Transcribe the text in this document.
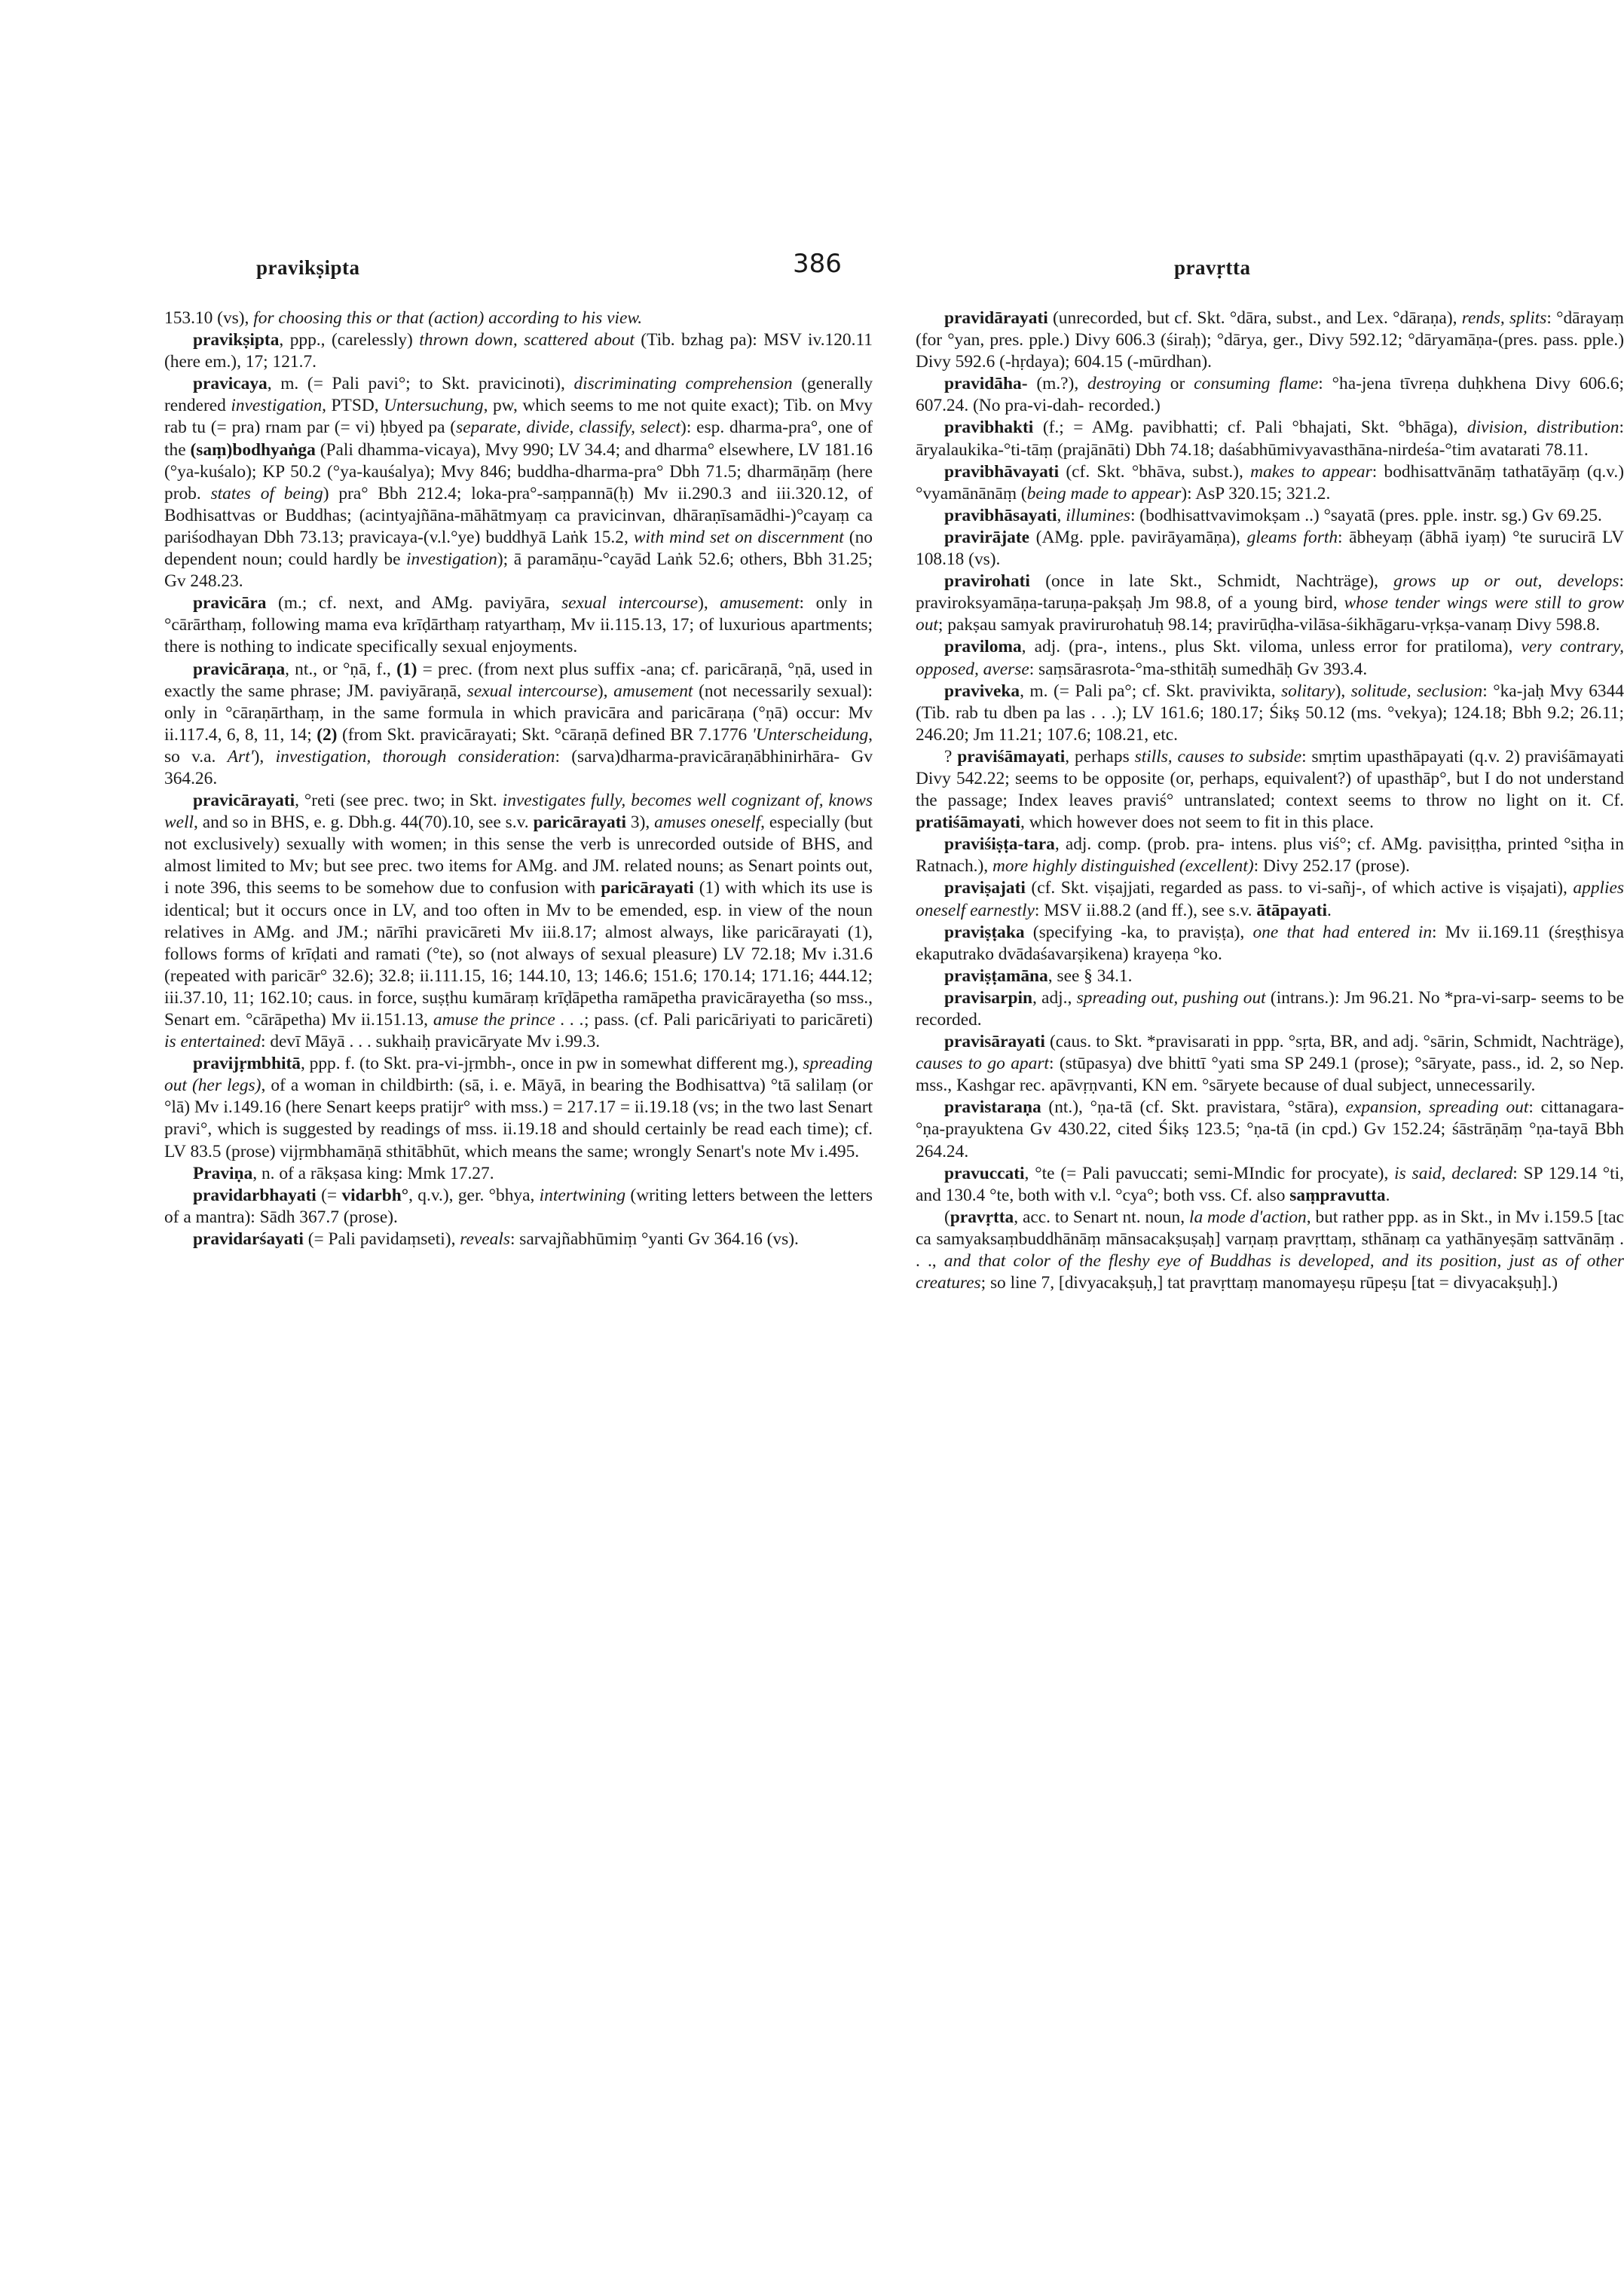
pravikṣipta	386	pravṛtta

153.10 (vs), for choosing this or that (action) according to his view.

pravikṣipta, ppp., (carelessly) thrown down, scattered about (Tib. bzhag pa): MSV iv.120.11 (here em.), 17; 121.7.

pravicaya, m. (= Pali pavi°; to Skt. pravicinoti), discriminating comprehension (generally rendered investigation, PTSD, Untersuchung, pw, which seems to me not quite exact); Tib. on Mvy rab tu (= pra) rnam par (= vi) ḥbyed pa (separate, divide, classify, select): esp. dharma-pra°, one of the (saṃ)bodhyaṅga (Pali dhamma-vicaya), Mvy 990; LV 34.4; and dharma° elsewhere, LV 181.16 (°ya-kuśalo); KP 50.2 (°ya-kauśalya); Mvy 846; buddha-dharma-pra° Dbh 71.5; dharmāṇāṃ (here prob. states of being) pra° Bbh 212.4; loka-pra°-saṃpannā(ḥ) Mv ii.290.3 and iii.320.12, of Bodhisattvas or Buddhas; (acintyajñāna-māhātmyaṃ ca pravicinvan, dhāraṇīsamādhi-)°cayaṃ ca pariśodhayan Dbh 73.13; pravicaya-(v.l.°ye) buddhyā Laṅk 15.2, with mind set on discernment (no dependent noun; could hardly be investigation); ā paramāṇu-°cayād Laṅk 52.6; others, Bbh 31.25; Gv 248.23.

pravicāra (m.; cf. next, and AMg. paviyāra, sexual intercourse), amusement: only in °cārārthaṃ, following mama eva krīḍārthaṃ ratyarthaṃ, Mv ii.115.13, 17; of luxurious apartments; there is nothing to indicate specifically sexual enjoyments.

pravicāraṇa, nt., or °ṇā, f., (1) = prec. (from next plus suffix -ana; cf. paricāraṇā, °ṇā, used in exactly the same phrase; JM. paviyāraṇā, sexual intercourse), amusement (not necessarily sexual): only in °cāraṇārthaṃ, in the same formula in which pravicāra and paricāraṇa (°ṇā) occur: Mv ii.117.4, 6, 8, 11, 14; (2) (from Skt. pravicārayati; Skt. °cāraṇā defined BR 7.1776 'Unterscheidung, so v.a. Art'), investigation, thorough consideration: (sarva)dharma-pravicāraṇābhinirhāra- Gv 364.26.

pravicārayati, °reti (see prec. two; in Skt. investigates fully, becomes well cognizant of, knows well, and so in BHS, e. g. Dbh.g. 44(70).10, see s.v. paricārayati 3), amuses oneself, especially (but not exclusively) sexually with women; in this sense the verb is unrecorded outside of BHS, and almost limited to Mv; but see prec. two items for AMg. and JM. related nouns; as Senart points out, i note 396, this seems to be somehow due to confusion with paricārayati (1) with which its use is identical; but it occurs once in LV, and too often in Mv to be emended, esp. in view of the noun relatives in AMg. and JM.; nārīhi pravicāreti Mv iii.8.17; almost always, like paricārayati (1), follows forms of krīḍati and ramati (°te), so (not always of sexual pleasure) LV 72.18; Mv i.31.6 (repeated with paricār° 32.6); 32.8; ii.111.15, 16; 144.10, 13; 146.6; 151.6; 170.14; 171.16; 444.12; iii.37.10, 11; 162.10; caus. in force, suṣṭhu kumāraṃ krīḍāpetha ramāpetha pravicārayetha (so mss., Senart em. °cārāpetha) Mv ii.151.13, amuse the prince . . .; pass. (cf. Pali paricāriyati to paricāreti) is entertained: devī Māyā . . . sukhaiḥ pravicāryate Mv i.99.3.

pravijṛmbhitā, ppp. f. (to Skt. pra-vi-jṛmbh-, once in pw in somewhat different mg.), spreading out (her legs), of a woman in childbirth: (sā, i. e. Māyā, in bearing the Bodhisattva) °tā salilaṃ (or °lā) Mv i.149.16 (here Senart keeps pratijr° with mss.) = 217.17 = ii.19.18 (vs; in the two last Senart pravi°, which is suggested by readings of mss. ii.19.18 and should certainly be read each time); cf. LV 83.5 (prose) vijṛmbhamāṇā sthitābhūt, which means the same; wrongly Senart's note Mv i.495.

Praviṇa, n. of a rākṣasa king: Mmk 17.27.

pravidarbhayati (= vidarbh°, q.v.), ger. °bhya, intertwining (writing letters between the letters of a mantra): Sādh 367.7 (prose).

pravidarśayati (= Pali pavidaṃseti), reveals: sarvajñabhūmiṃ °yanti Gv 364.16 (vs).

pravidārayati (unrecorded, but cf. Skt. °dāra, subst., and Lex. °dāraṇa), rends, splits: °dārayaṃ (for °yan, pres. pple.) Divy 606.3 (śiraḥ); °dārya, ger., Divy 592.12; °dāryamāṇa-(pres. pass. pple.) Divy 592.6 (-hṛdaya); 604.15 (-mūrdhan).

pravidāha- (m.?), destroying or consuming flame: °ha-jena tīvreṇa duḥkhena Divy 606.6; 607.24. (No pra-vi-dah- recorded.)

pravibhakti (f.; = AMg. pavibhatti; cf. Pali °bhajati, Skt. °bhāga), division, distribution: āryalaukika-°ti-tāṃ (prajānāti) Dbh 74.18; daśabhūmivyavasthāna-nirdeśa-°tim avatarati 78.11.

pravibhāvayati (cf. Skt. °bhāva, subst.), makes to appear: bodhisattvānāṃ tathatāyāṃ (q.v.) °vyamānānāṃ (being made to appear): AsP 320.15; 321.2.

pravibhāsayati, illumines: (bodhisattvavimokṣam ..) °sayatā (pres. pple. instr. sg.) Gv 69.25.

pravirājate (AMg. pple. pavirāyamāṇa), gleams forth: ābheyaṃ (ābhā iyaṃ) °te surucirā LV 108.18 (vs).

pravirohati (once in late Skt., Schmidt, Nachträge), grows up or out, develops: praviroksyamāṇa-taruṇa-pakṣaḥ Jm 98.8, of a young bird, whose tender wings were still to grow out; pakṣau samyak pravirurohatuḥ 98.14; pravirūḍha-vilāsa-śikhāgaru-vṛkṣa-vanaṃ Divy 598.8.

praviloma, adj. (pra-, intens., plus Skt. viloma, unless error for pratiloma), very contrary, opposed, averse: saṃsārasrota-°ma-sthitāḥ sumedhāḥ Gv 393.4.

praviveka, m. (= Pali pa°; cf. Skt. pravivikta, solitary), solitude, seclusion: °ka-jaḥ Mvy 6344 (Tib. rab tu dben pa las . . .); LV 161.6; 180.17; Śikṣ 50.12 (ms. °vekya); 124.18; Bbh 9.2; 26.11; 246.20; Jm 11.21; 107.6; 108.21, etc.

? praviśāmayati, perhaps stills, causes to subside: smṛtim upasthāpayati (q.v. 2) praviśāmayati Divy 542.22; seems to be opposite (or, perhaps, equivalent?) of upasthāp°, but I do not understand the passage; Index leaves praviś° untranslated; context seems to throw no light on it. Cf. pratiśāmayati, which however does not seem to fit in this place.

praviśiṣṭa-tara, adj. comp. (prob. pra- intens. plus viś°; cf. AMg. pavisiṭṭha, printed °siṭha in Ratnach.), more highly distinguished (excellent): Divy 252.17 (prose).

praviṣajati (cf. Skt. viṣajjati, regarded as pass. to vi-sañj-, of which active is viṣajati), applies oneself earnestly: MSV ii.88.2 (and ff.), see s.v. ātāpayati.

praviṣṭaka (specifying -ka, to praviṣṭa), one that had entered in: Mv ii.169.11 (śreṣṭhisya ekaputrako dvādaśavarṣikena) krayeṇa °ko.

praviṣṭamāna, see § 34.1.

pravisarpin, adj., spreading out, pushing out (intrans.): Jm 96.21. No *pra-vi-sarp- seems to be recorded.

pravisārayati (caus. to Skt. *pravisarati in ppp. °sṛta, BR, and adj. °sārin, Schmidt, Nachträge), causes to go apart: (stūpasya) dve bhittī °yati sma SP 249.1 (prose); °sāryate, pass., id. 2, so Nep. mss., Kashgar rec. apāvṛṇvanti, KN em. °sāryete because of dual subject, unnecessarily.

pravistaraṇa (nt.), °ṇa-tā (cf. Skt. pravistara, °stāra), expansion, spreading out: cittanagara-°ṇa-prayuktena Gv 430.22, cited Śikṣ 123.5; °ṇa-tā (in cpd.) Gv 152.24; śāstrāṇāṃ °ṇa-tayā Bbh 264.24.

pravuccati, °te (= Pali pavuccati; semi-MIndic for procyate), is said, declared: SP 129.14 °ti, and 130.4 °te, both with v.l. °cya°; both vss. Cf. also saṃpravutta.

(pravṛtta, acc. to Senart nt. noun, la mode d'action, but rather ppp. as in Skt., in Mv i.159.5 [tac ca samyaksaṃbuddhānāṃ mānsacakṣuṣaḥ] varṇaṃ pravṛttaṃ, sthānaṃ ca yathānyeṣāṃ sattvānāṃ . . ., and that color of the fleshy eye of Buddhas is developed, and its position, just as of other creatures; so line 7, [divyacakṣuḥ,] tat pravṛttaṃ manomayeṣu rūpeṣu [tat = divyacakṣuḥ].)
